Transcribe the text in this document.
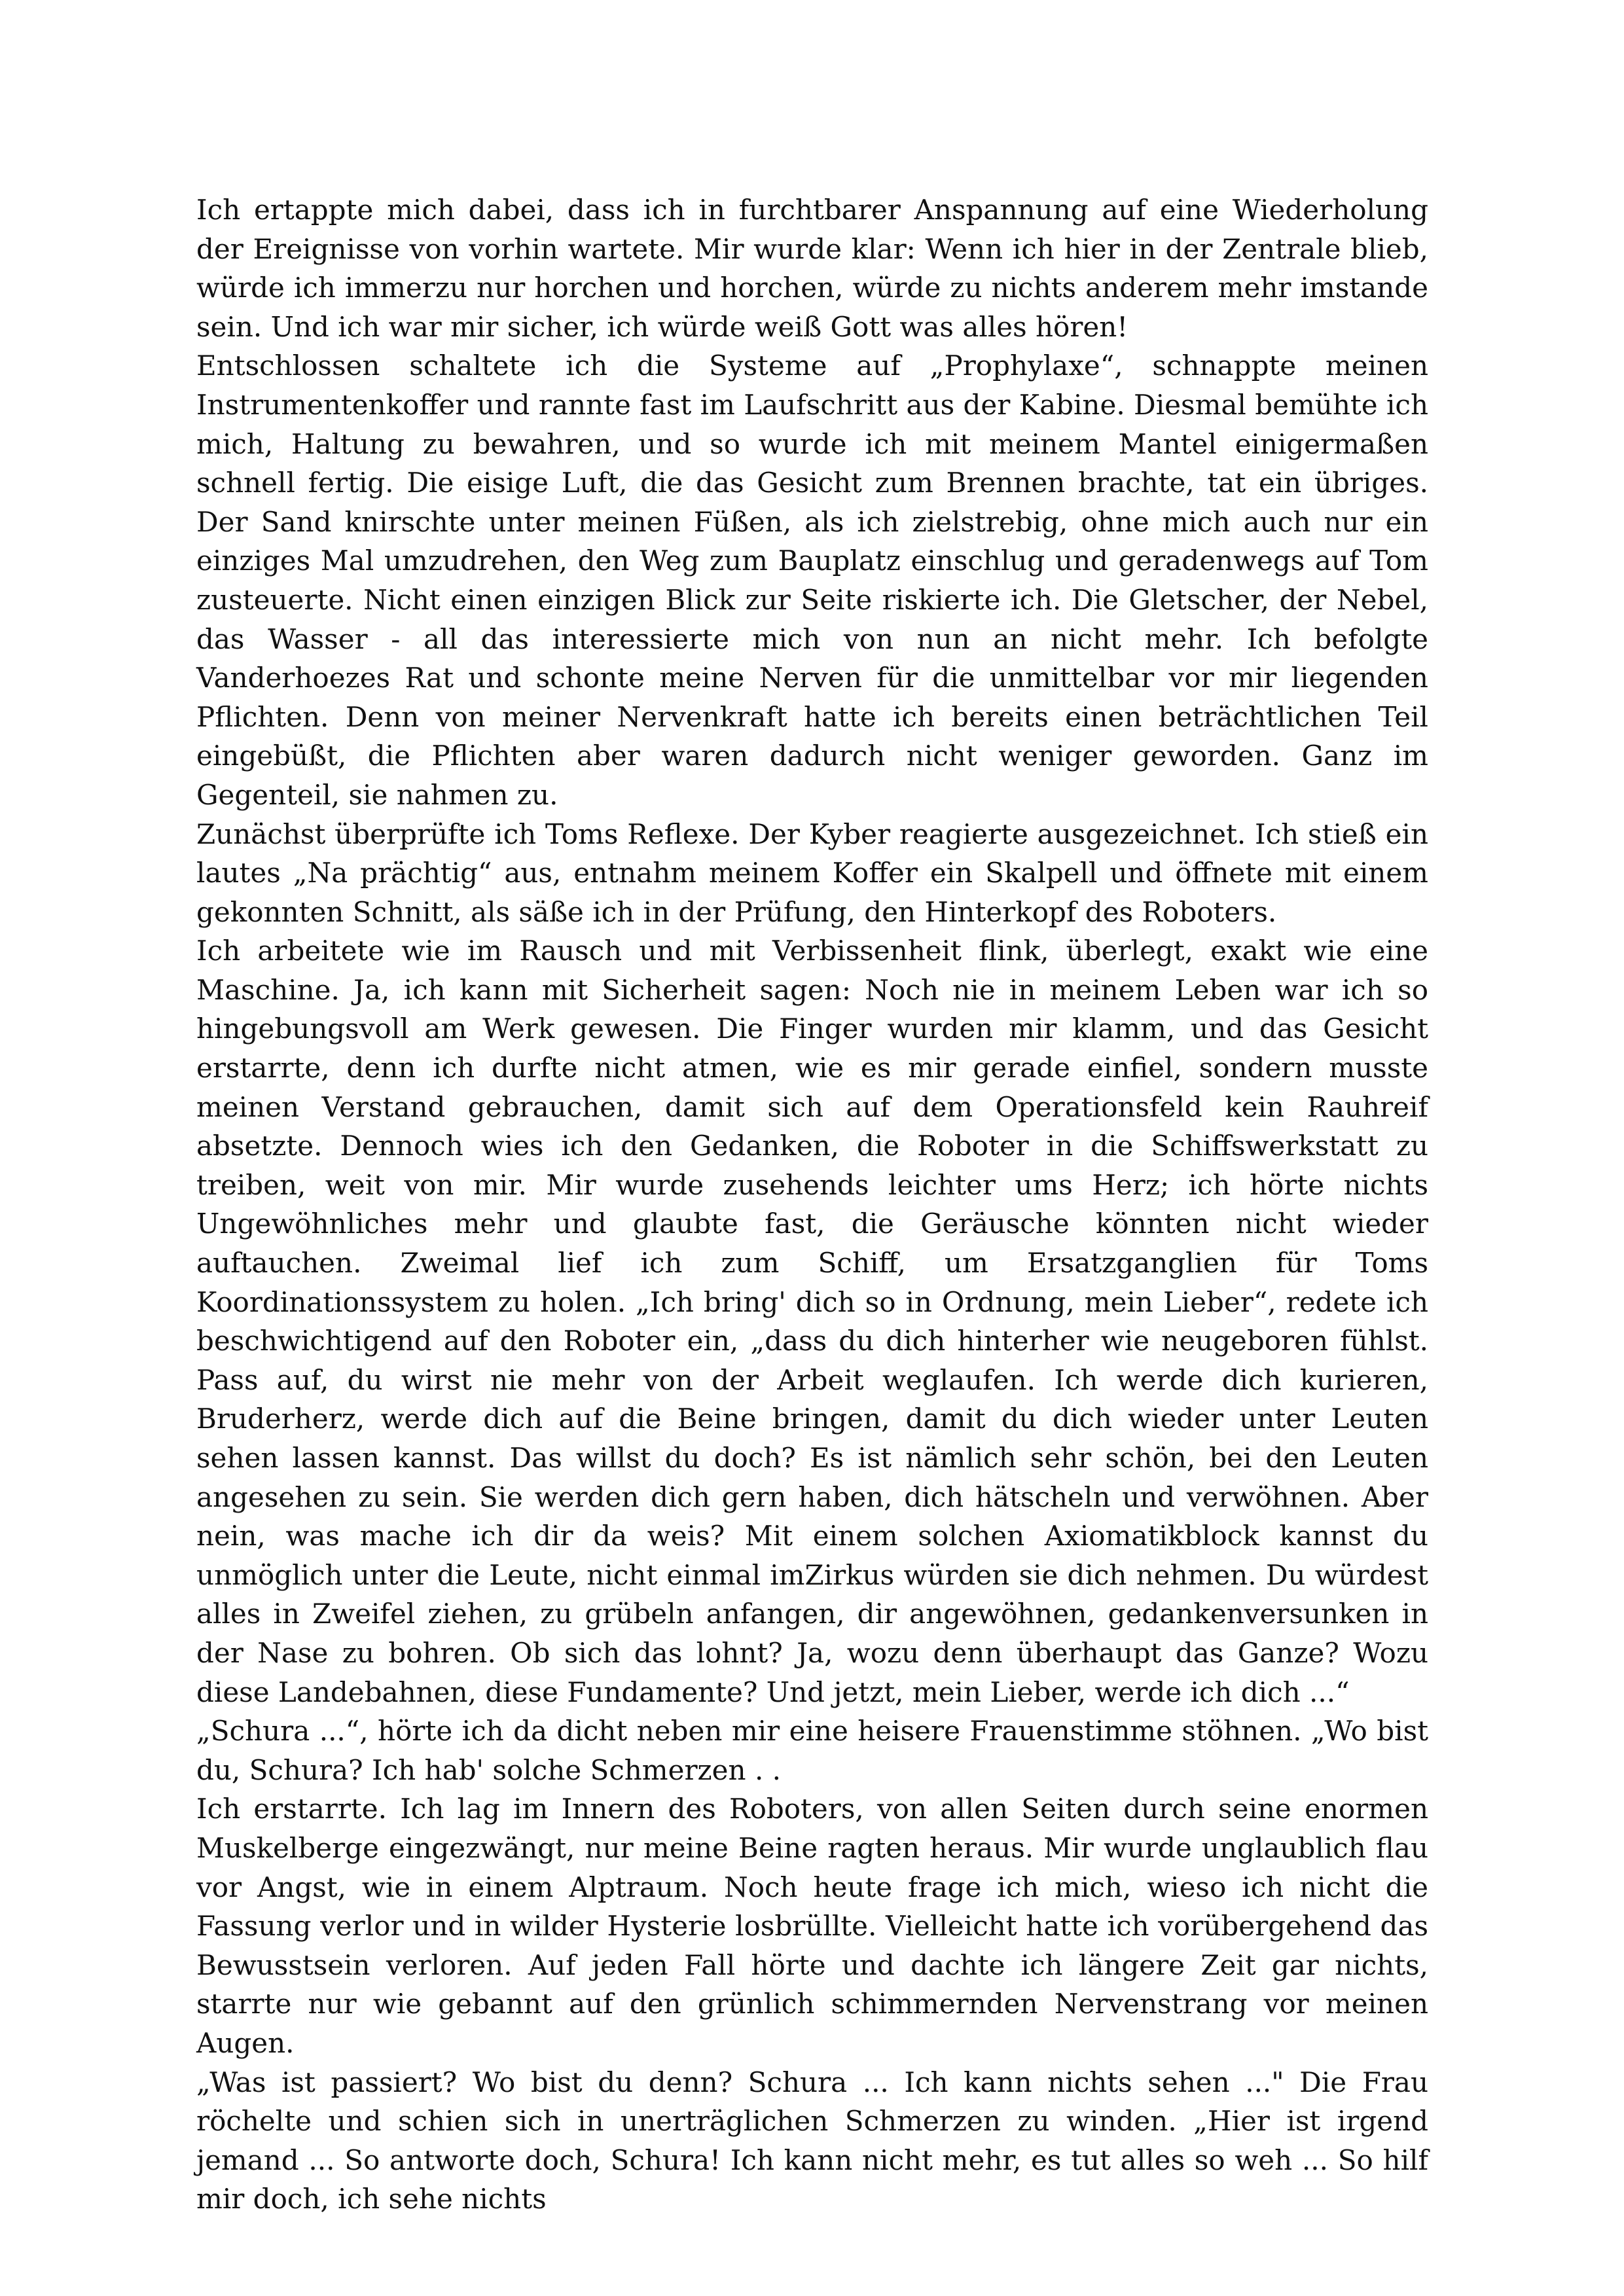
Ich ertappte mich dabei, dass ich in furchtbarer Anspannung auf eine Wiederholung der Ereignisse von vorhin wartete. Mir wurde klar: Wenn ich hier in der Zentrale blieb, würde ich immerzu nur horchen und horchen, würde zu nichts anderem mehr imstande sein. Und ich war mir sicher, ich würde weiß Gott was alles hören!

Entschlossen schaltete ich die Systeme auf „Prophylaxe“, schnappte meinen Instrumentenkoffer und rannte fast im Laufschritt aus der Kabine. Diesmal bemühte ich mich, Haltung zu bewahren, und so wurde ich mit meinem Mantel einigermaßen schnell fertig. Die eisige Luft, die das Gesicht zum Brennen brachte, tat ein übriges. Der Sand knirschte unter meinen Füßen, als ich zielstrebig, ohne mich auch nur ein einziges Mal umzudrehen, den Weg zum Bauplatz einschlug und geradenwegs auf Tom zusteuerte. Nicht einen einzigen Blick zur Seite riskierte ich. Die Gletscher, der Nebel, das Wasser - all das interessierte mich von nun an nicht mehr. Ich befolgte Vanderhoezes Rat und schonte meine Nerven für die unmittelbar vor mir liegenden Pflichten. Denn von meiner Nervenkraft hatte ich bereits einen beträchtlichen Teil eingebüßt, die Pflichten aber waren dadurch nicht weniger geworden. Ganz im Gegenteil, sie nahmen zu.

Zunächst überprüfte ich Toms Reflexe. Der Kyber reagierte ausgezeichnet. Ich stieß ein lautes „Na prächtig“ aus, entnahm meinem Koffer ein Skalpell und öffnete mit einem gekonnten Schnitt, als säße ich in der Prüfung, den Hinterkopf des Roboters.

Ich arbeitete wie im Rausch und mit Verbissenheit flink, überlegt, exakt wie eine Maschine. Ja, ich kann mit Sicherheit sagen: Noch nie in meinem Leben war ich so hingebungsvoll am Werk gewesen. Die Finger wurden mir klamm, und das Gesicht erstarrte, denn ich durfte nicht atmen, wie es mir gerade einfiel, sondern musste meinen Verstand gebrauchen, damit sich auf dem Operationsfeld kein Rauhreif absetzte. Dennoch wies ich den Gedanken, die Roboter in die Schiffswerkstatt zu treiben, weit von mir. Mir wurde zusehends leichter ums Herz; ich hörte nichts Ungewöhnliches mehr und glaubte fast, die Geräusche könnten nicht wieder auftauchen. Zweimal lief ich zum Schiff, um Ersatzganglien für Toms Koordinationssystem zu holen. „Ich bring' dich so in Ordnung, mein Lieber“, redete ich beschwichtigend auf den Roboter ein, „dass du dich hinterher wie neugeboren fühlst. Pass auf, du wirst nie mehr von der Arbeit weglaufen. Ich werde dich kurieren, Bruderherz, werde dich auf die Beine bringen, damit du dich wieder unter Leuten sehen lassen kannst. Das willst du doch? Es ist nämlich sehr schön, bei den Leuten angesehen zu sein. Sie werden dich gern haben, dich hätscheln und verwöhnen. Aber nein, was mache ich dir da weis? Mit einem solchen Axiomatikblock kannst du unmöglich unter die Leute, nicht einmal imZirkus würden sie dich nehmen. Du würdest alles in Zweifel ziehen, zu grübeln anfangen, dir angewöhnen, gedankenversunken in der Nase zu bohren. Ob sich das lohnt? Ja, wozu denn überhaupt das Ganze? Wozu diese Landebahnen, diese Fundamente? Und jetzt, mein Lieber, werde ich dich ...“

„Schura ...“, hörte ich da dicht neben mir eine heisere Frauenstimme stöhnen. „Wo bist du, Schura? Ich hab' solche Schmerzen . .

Ich erstarrte. Ich lag im Innern des Roboters, von allen Seiten durch seine enormen Muskelberge eingezwängt, nur meine Beine ragten heraus. Mir wurde unglaublich flau vor Angst, wie in einem Alptraum. Noch heute frage ich mich, wieso ich nicht die Fassung verlor und in wilder Hysterie losbrüllte. Vielleicht hatte ich vorübergehend das Bewusstsein verloren. Auf jeden Fall hörte und dachte ich längere Zeit gar nichts, starrte nur wie gebannt auf den grünlich schimmernden Nervenstrang vor meinen Augen.

„Was ist passiert? Wo bist du denn? Schura ... Ich kann nichts sehen ..." Die Frau röchelte und schien sich in unerträglichen Schmerzen zu winden. „Hier ist irgend jemand ... So antworte doch, Schura! Ich kann nicht mehr, es tut alles so weh ... So hilf mir doch, ich sehe nichts
